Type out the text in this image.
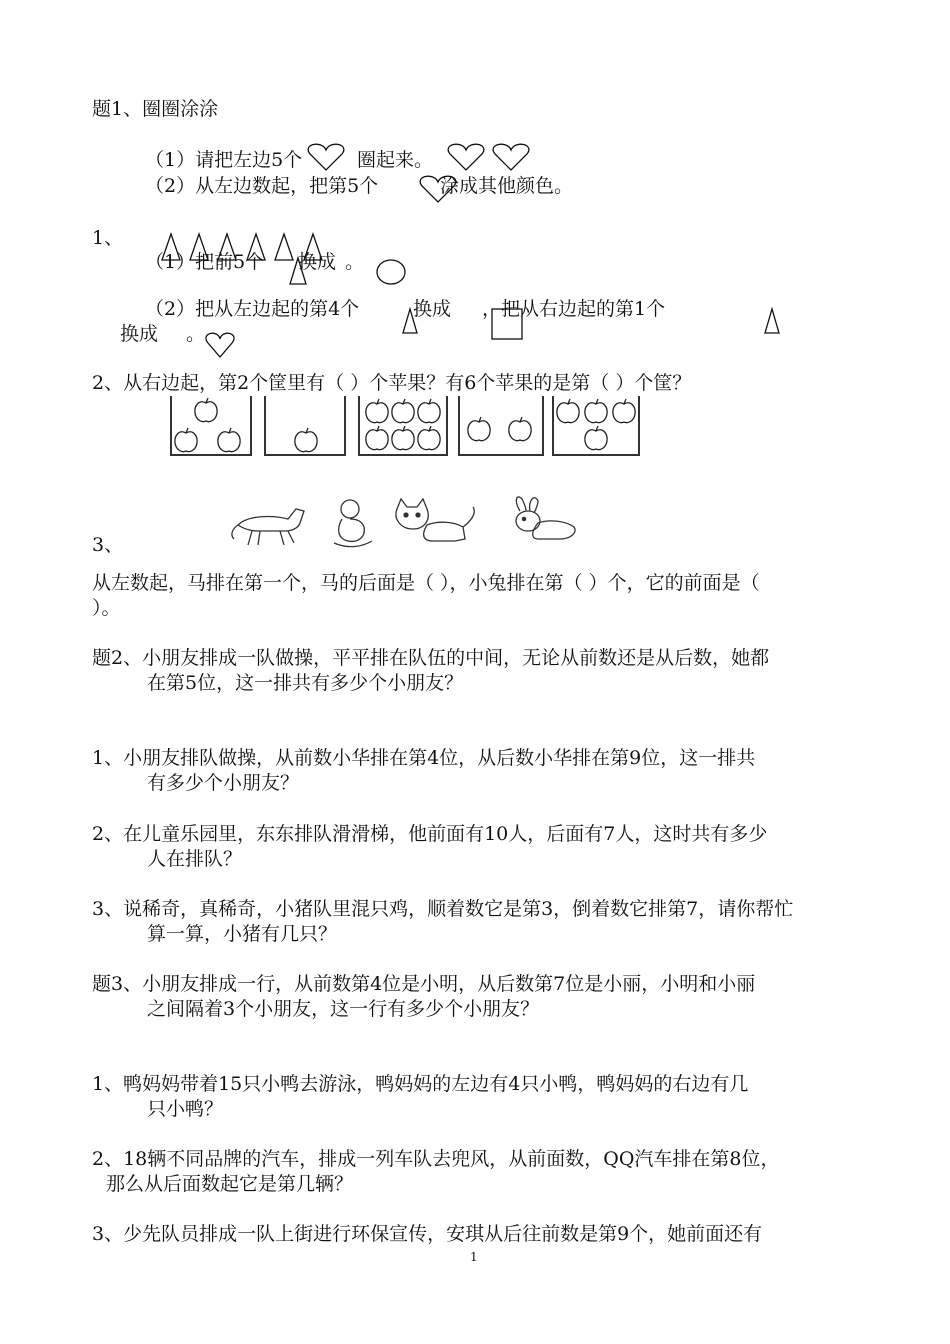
题1、圈圈涂涂
（1）请把左边5个	圈起来。
（2）从左边数起，把第5个	涂成其他颜色。
1、
（1）把前5个 换成 。
（2）把从左边起的第4个	换成 ，把从右边起的第1个
换成 。
2、从右边起，第2个筐里有（ ）个苹果？有6个苹果的是第（ ）个筐？
3、
从左数起，马排在第一个，马的后面是（ ），小兔排在第（ ）个，它的前面是（
）。
题2、小朋友排成一队做操，平平排在队伍的中间，无论从前数还是从后数，她都
在第5位，这一排共有多少个小朋友？
1、小朋友排队做操，从前数小华排在第4位，从后数小华排在第9位，这一排共
有多少个小朋友？
2、在儿童乐园里，东东排队滑滑梯，他前面有10人，后面有7人，这时共有多少
人在排队？
3、说稀奇，真稀奇，小猪队里混只鸡，顺着数它是第3，倒着数它排第7，请你帮忙
算一算，小猪有几只？
题3、小朋友排成一行，从前数第4位是小明，从后数第7位是小丽，小明和小丽
之间隔着3个小朋友，这一行有多少个小朋友？
1、鸭妈妈带着15只小鸭去游泳，鸭妈妈的左边有4只小鸭，鸭妈妈的右边有几
只小鸭？
2、18辆不同品牌的汽车，排成一列车队去兜风，从前面数，QQ汽车排在第8位，
那么从后面数起它是第几辆？
3、少先队员排成一队上街进行环保宣传，安琪从后往前数是第9个，她前面还有
1
